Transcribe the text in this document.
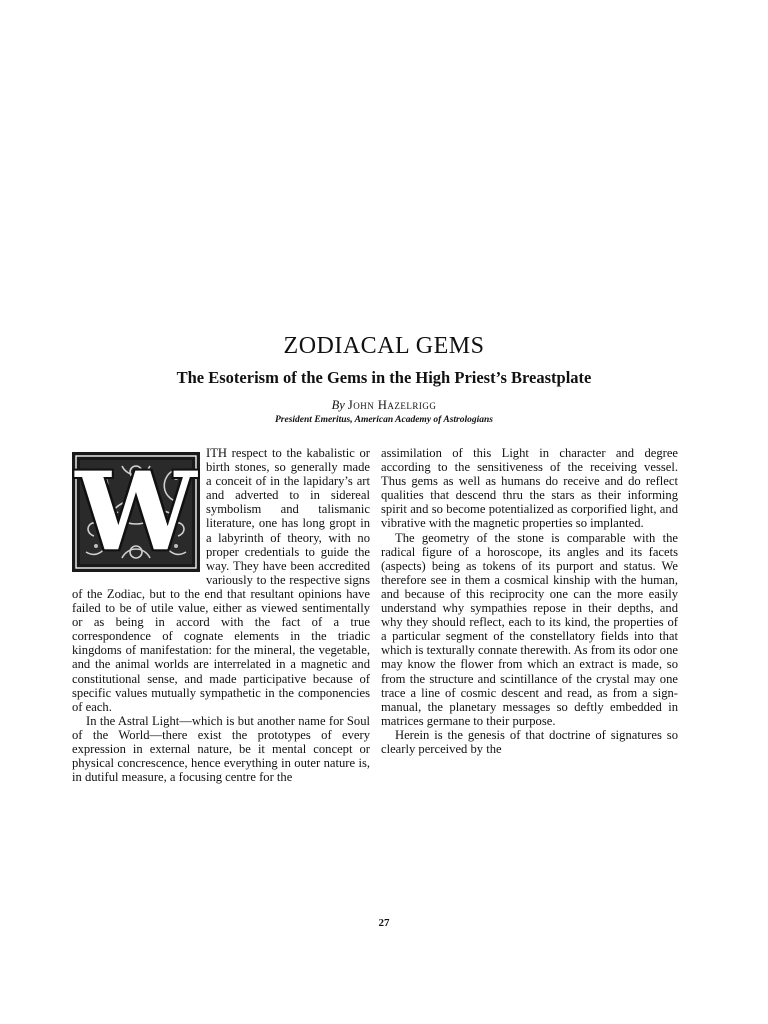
ZODIACAL GEMS
The Esoterism of the Gems in the High Priest’s Breastplate
By John Hazelrigg
President Emeritus, American Academy of Astrologians
W ITH respect to the kabalistic or birth stones, so generally made a conceit of in the lapidary’s art and adverted to in sidereal symbolism and talismanic literature, one has long gropt in a labyrinth of theory, with no proper credentials to guide the way. They have been accredited variously to the respective signs of the Zodiac, but to the end that resultant opinions have failed to be of utile value, either as viewed sentimentally or as being in accord with the fact of a true correspondence of cognate elements in the triadic kingdoms of manifestation: for the mineral, the vegetable, and the animal worlds are interrelated in a magnetic and constitutional sense, and made participative because of specific values mutually sympathetic in the componencies of each.

In the Astral Light—which is but another name for Soul of the World—there exist the prototypes of every expression in external nature, be it mental concept or physical concrescence, hence everything in outer nature is, in dutiful measure, a focusing centre for the

assimilation of this Light in character and degree according to the sensitiveness of the receiving vessel. Thus gems as well as humans do receive and do reflect qualities that descend thru the stars as their informing spirit and so become potentialized as corporified light, and vibrative with the magnetic properties so implanted.

The geometry of the stone is comparable with the radical figure of a horoscope, its angles and its facets (aspects) being as tokens of its purport and status. We therefore see in them a cosmical kinship with the human, and because of this reciprocity one can the more easily understand why sympathies repose in their depths, and why they should reflect, each to its kind, the properties of a particular segment of the constellatory fields into that which is texturally connate therewith. As from its odor one may know the flower from which an extract is made, so from the structure and scintillance of the crystal may one trace a line of cosmic descent and read, as from a sign-manual, the planetary messages so deftly embedded in matrices germane to their purpose.

Herein is the genesis of that doctrine of signatures so clearly perceived by the

27
